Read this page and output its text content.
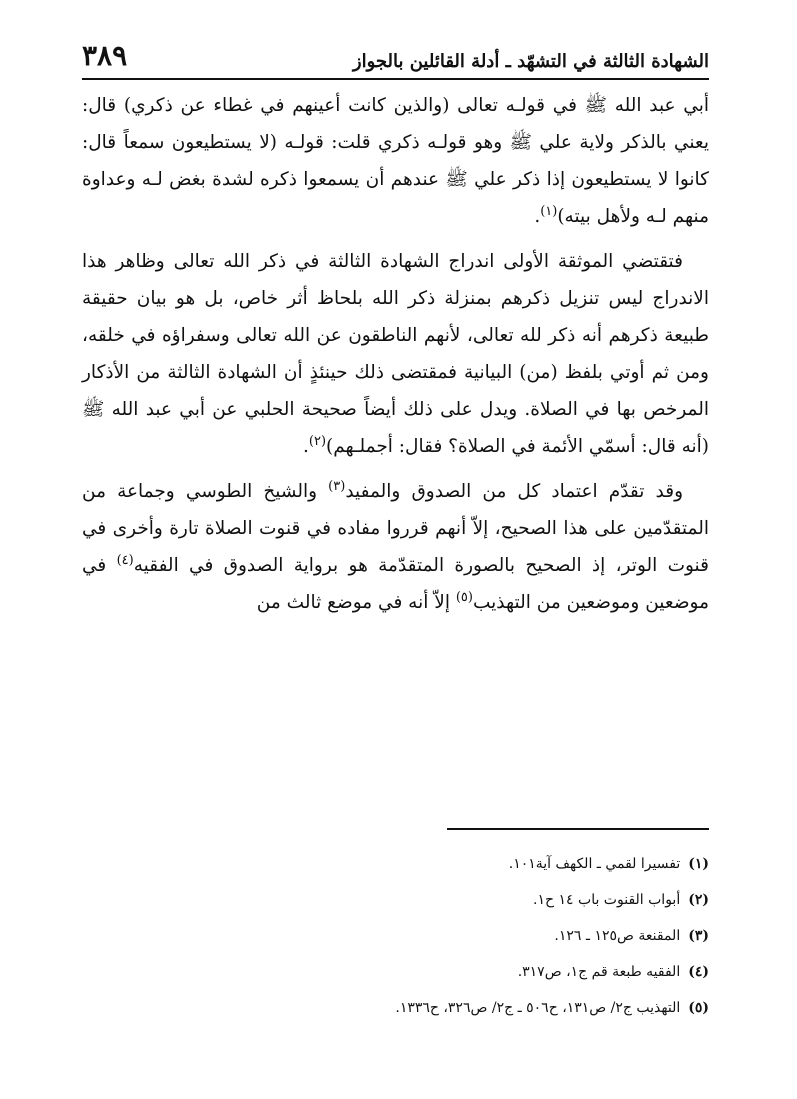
الشهادة الثالثة في التشهّد ـ أدلة القائلين بالجواز
٣٨٩

أبي عبد الله ﷺ في قولـه تعالى (والذين كانت أعينهم في غطاء عن ذكري) قال: يعني بالذكر ولاية علي ﷺ وهو قولـه ذكري قلت: قولـه (لا يستطيعون سمعاً قال: كانوا لا يستطيعون إذا ذكر علي ﷺ عندهم أن يسمعوا ذكره لشدة بغض لـه وعداوة منهم لـه ولأهل بيته)$^{(١)}$.

فتقتضي الموثقة الأولى اندراج الشهادة الثالثة في ذكر الله تعالى وظاهر هذا الاندراج ليس تنزيل ذكرهم بمنزلة ذكر الله بلحاظ أثر خاص، بل هو بيان حقيقة طبيعة ذكرهم أنه ذكر لله تعالى، لأنهم الناطقون عن الله تعالى وسفراؤه في خلقه، ومن ثم أوتي بلفظ (من) البيانية فمقتضى ذلك حينئذٍ أن الشهادة الثالثة من الأذكار المرخص بها في الصلاة. ويدل على ذلك أيضاً صحيحة الحلبي عن أبي عبد الله ﷺ (أنه قال: أسمّي الأئمة في الصلاة؟ فقال: أجملـهم)$^{(٢)}$.

وقد تقدّم اعتماد كل من الصدوق والمفيد$^{(٣)}$ والشيخ الطوسي وجماعة من المتقدّمين على هذا الصحيح، إلاّ أنهم قرروا مفاده في قنوت الصلاة تارة وأخرى في قنوت الوتر، إذ الصحيح بالصورة المتقدّمة هو برواية الصدوق في الفقيه$^{(٤)}$ في موضعين وموضعين من التهذيب$^{(٥)}$ إلاّ أنه في موضع ثالث من

(١)تفسيرا لقمي ـ الكهف آية١٠١.
(٢)أبواب القنوت باب ١٤ ح١.
(٣)المقنعة ص١٢٥ ـ ١٢٦.
(٤)الفقيه طبعة قم ج١، ص٣١٧.
(٥)التهذيب ج٢/ ص١٣١، ح٥٠٦ ـ ج٢/ ص٣٢٦، ح١٣٣٦.
